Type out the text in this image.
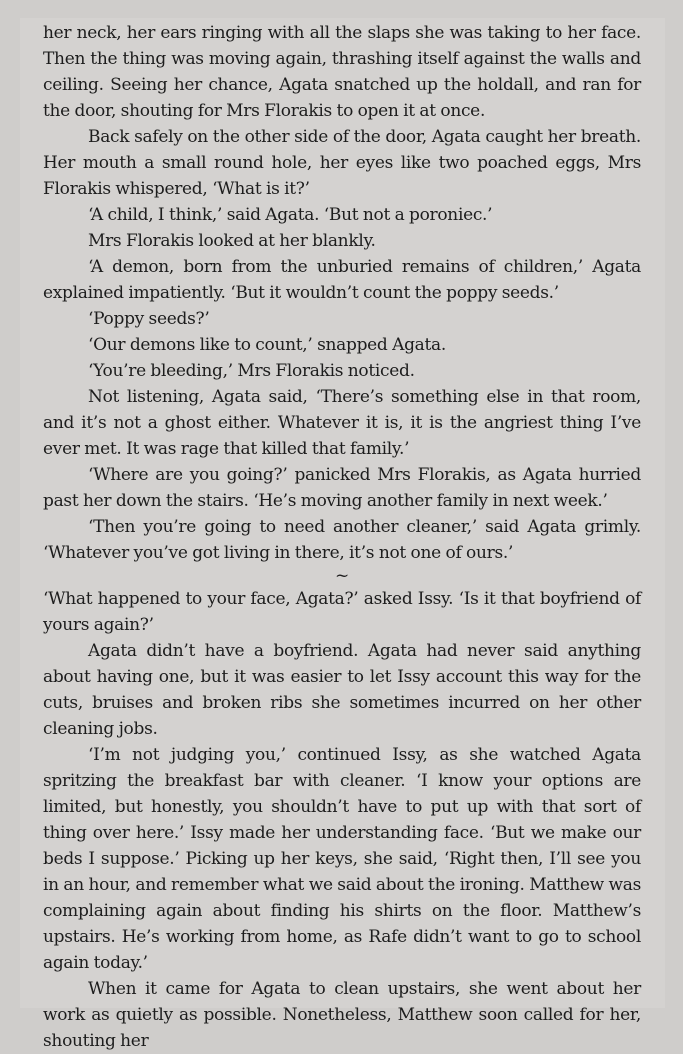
her neck, her ears ringing with all the slaps she was taking to her face. Then the thing was moving again, thrashing itself against the walls and ceiling. Seeing her chance, Agata snatched up the holdall, and ran for the door, shouting for Mrs Florakis to open it at once.

Back safely on the other side of the door, Agata caught her breath. Her mouth a small round hole, her eyes like two poached eggs, Mrs Florakis whispered, ‘What is it?’

‘A child, I think,’ said Agata. ‘But not a poroniec.’

Mrs Florakis looked at her blankly.

‘A demon, born from the unburied remains of children,’ Agata explained impatiently. ‘But it wouldn’t count the poppy seeds.’

‘Poppy seeds?’

‘Our demons like to count,’ snapped Agata.

‘You’re bleeding,’ Mrs Florakis noticed.

Not listening, Agata said, ‘There’s something else in that room, and it’s not a ghost either. Whatever it is, it is the angriest thing I’ve ever met. It was rage that killed that family.’

‘Where are you going?’ panicked Mrs Florakis, as Agata hurried past her down the stairs. ‘He’s moving another family in next week.’

‘Then you’re going to need another cleaner,’ said Agata grimly. ‘Whatever you’ve got living in there, it’s not one of ours.’

~

‘What happened to your face, Agata?’ asked Issy. ‘Is it that boyfriend of yours again?’

Agata didn’t have a boyfriend. Agata had never said anything about having one, but it was easier to let Issy account this way for the cuts, bruises and broken ribs she sometimes incurred on her other cleaning jobs.

‘I’m not judging you,’ continued Issy, as she watched Agata spritzing the breakfast bar with cleaner. ‘I know your options are limited, but honestly, you shouldn’t have to put up with that sort of thing over here.’ Issy made her understanding face. ‘But we make our beds I suppose.’ Picking up her keys, she said, ‘Right then, I’ll see you in an hour, and remember what we said about the ironing. Matthew was complaining again about finding his shirts on the floor. Matthew’s upstairs. He’s working from home, as Rafe didn’t want to go to school again today.’

When it came for Agata to clean upstairs, she went about her work as quietly as possible. Nonetheless, Matthew soon called for her, shouting her
